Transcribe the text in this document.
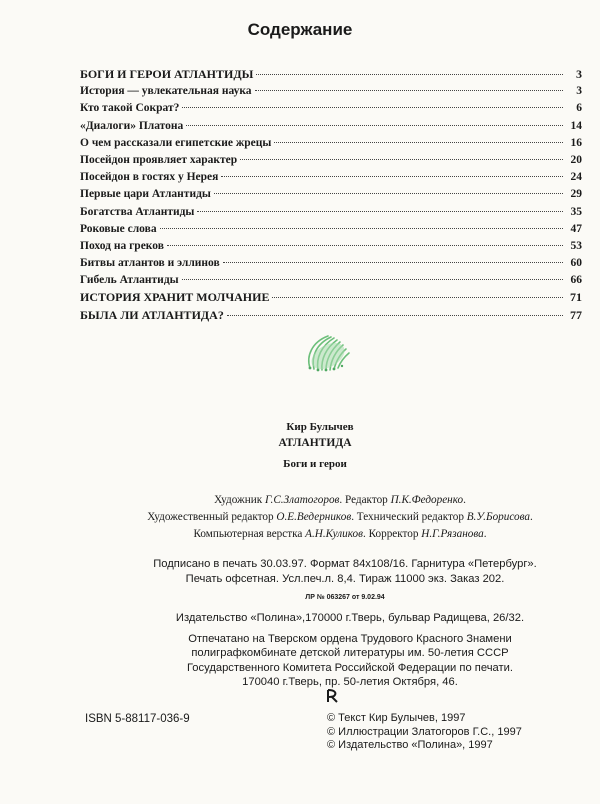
Содержание
БОГИ И ГЕРОИ АТЛАНТИДЫ	3
История — увлекательная наука	3
Кто такой Сократ?	6
«Диалоги» Платона	14
О чем рассказали египетские жрецы	16
Посейдон проявляет характер	20
Посейдон в гостях у Нерея	24
Первые цари Атлантиды	29
Богатства Атлантиды	35
Роковые слова	47
Поход на греков	53
Битвы атлантов и эллинов	60
Гибель Атлантиды	66
ИСТОРИЯ ХРАНИТ МОЛЧАНИЕ	71
БЫЛА ЛИ АТЛАНТИДА?	77
Кир Булычев
АТЛАНТИДА
Боги и герои
Художник Г.С.Златогоров. Редактор П.К.Федоренко.
Художественный редактор О.Е.Ведерников. Технический редактор В.У.Борисова.
Компьютерная верстка А.Н.Куликов. Корректор Н.Г.Рязанова.
Подписано в печать 30.03.97. Формат 84х108/16. Гарнитура «Петербург».
Печать офсетная. Усл.печ.л. 8,4. Тираж 11000 экз. Заказ 202.
ЛР № 063267 от 9.02.94
Издательство «Полина»,170000 г.Тверь, бульвар Радищева, 26/32.
Отпечатано на Тверском ордена Трудового Красного Знамени
полиграфкомбинате детской литературы им. 50-летия СССР
Государственного Комитета Российской Федерации по печати.
170040 г.Тверь, пр. 50-летия Октября, 46.
ISBN 5-88117-036-9	© Текст Кир Булычев, 1997
© Иллюстрации Златогоров Г.С., 1997
© Издательство «Полина», 1997
